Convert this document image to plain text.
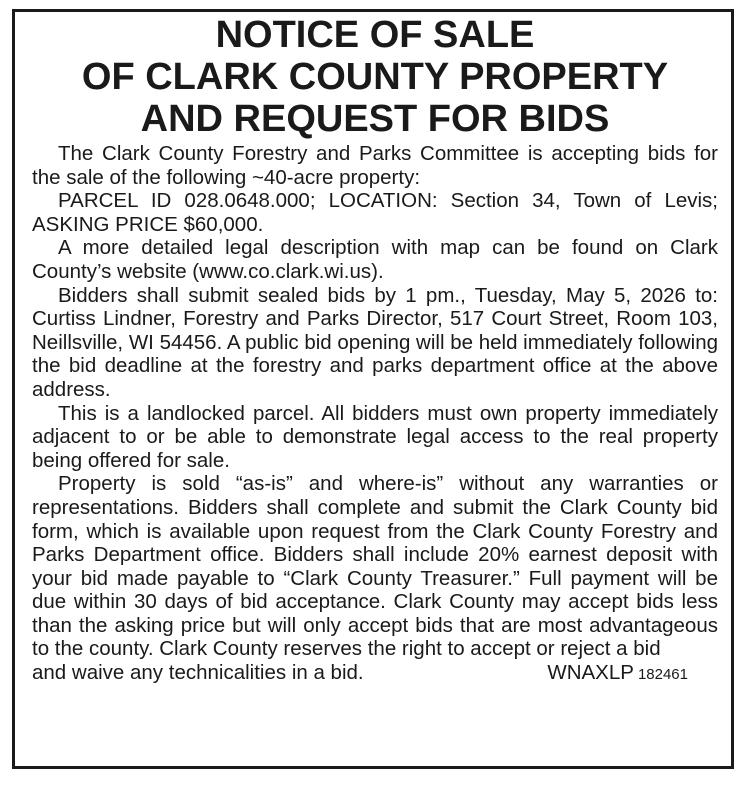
NOTICE OF SALE
OF CLARK COUNTY PROPERTY
AND REQUEST FOR BIDS

The Clark County Forestry and Parks Committee is accepting bids for the sale of the following ~40-acre property:

PARCEL ID 028.0648.000; LOCATION: Section 34, Town of Levis; ASKING PRICE $60,000.

A more detailed legal description with map can be found on Clark County’s website (www.co.clark.wi.us).

Bidders shall submit sealed bids by 1 pm., Tuesday, May 5, 2026 to: Curtiss Lindner, Forestry and Parks Director, 517 Court Street, Room 103, Neillsville, WI 54456. A public bid opening will be held immediately following the bid deadline at the forestry and parks department office at the above address.

This is a landlocked parcel. All bidders must own property immediately adjacent to or be able to demonstrate legal access to the real property being offered for sale.

Property is sold “as-is” and where-is” without any warranties or representations. Bidders shall complete and submit the Clark County bid form, which is available upon request from the Clark County Forestry and Parks Department office. Bidders shall include 20% earnest deposit with your bid made payable to “Clark County Treasurer.” Full payment will be due within 30 days of bid acceptance. Clark County may accept bids less than the asking price but will only accept bids that are most advantageous to the county. Clark County reserves the right to accept or reject a bid

and waive any technicalities in a bid.	WNAXLP 182461
